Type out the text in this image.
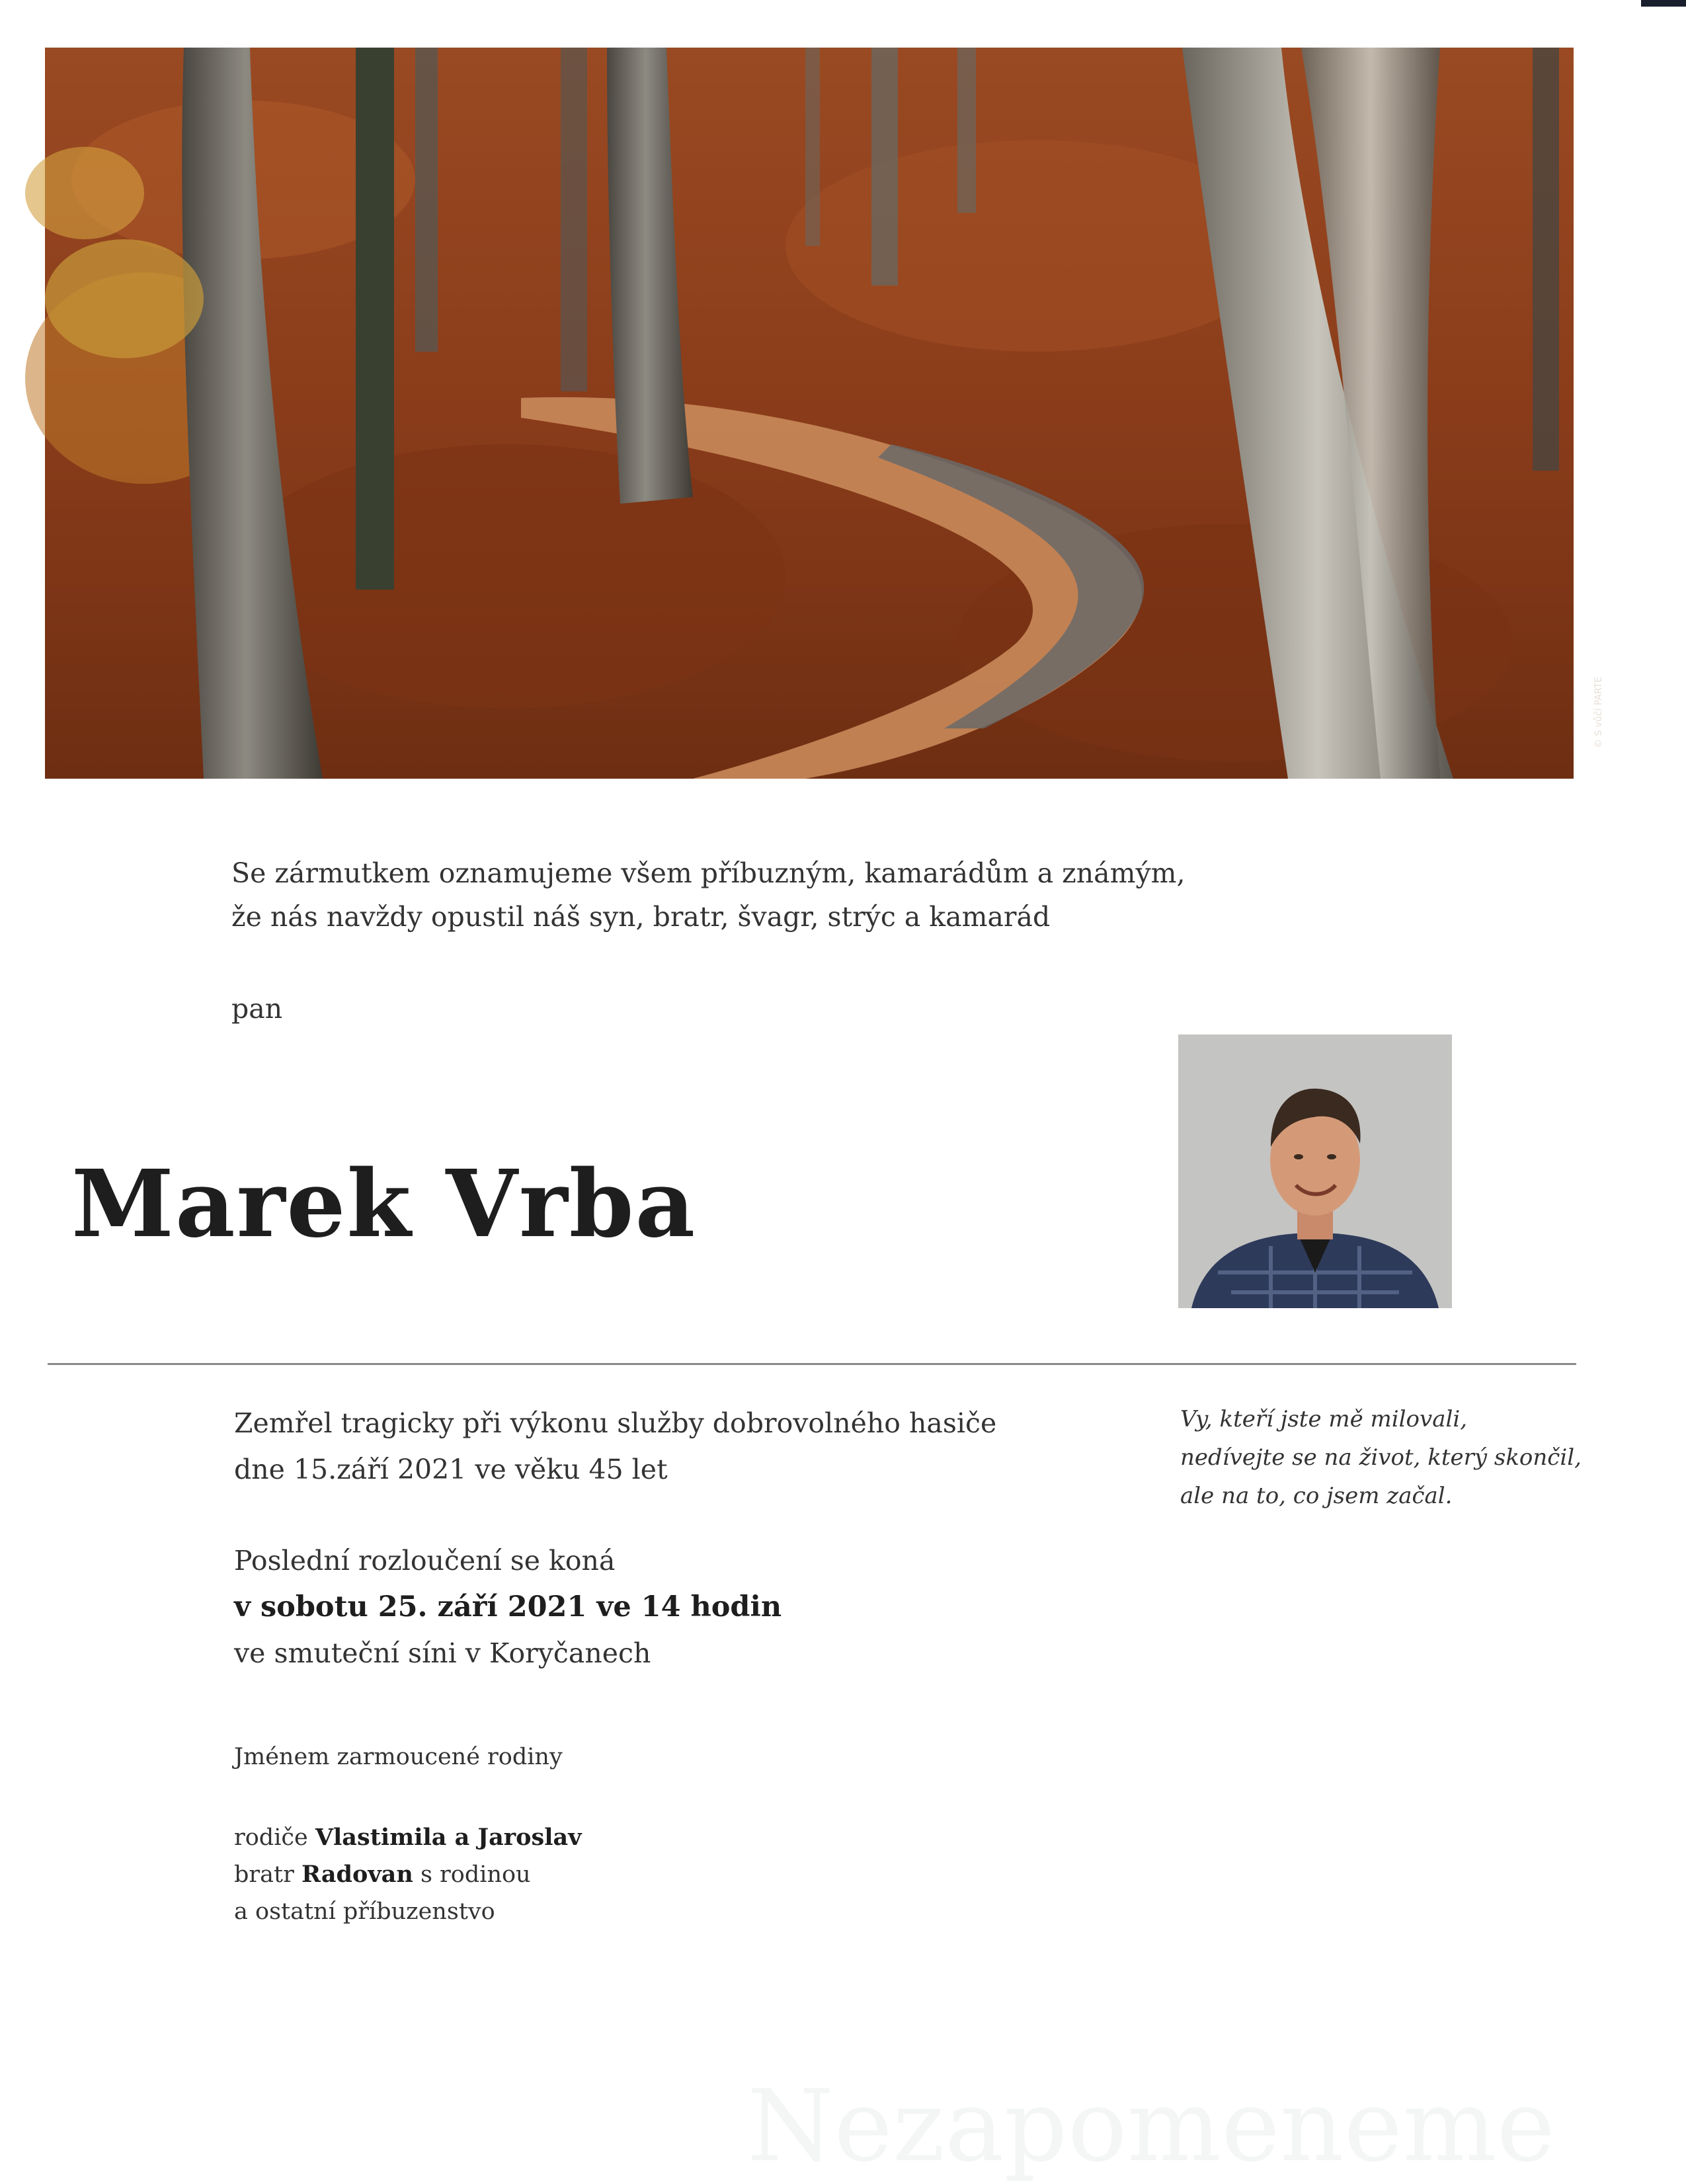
© S vůčí PARTE

Se zármutkem oznamujeme všem příbuzným, kamarádům a známým,

že nás navždy opustil náš syn, bratr, švagr, strýc a kamarád

pan
Marek Vrba

Zemřel tragicky při výkonu služby dobrovolného hasiče

dne 15.září 2021 ve věku 45 let

Poslední rozloučení se koná

v sobotu 25. září 2021 ve 14 hodin

ve smuteční síni v Koryčanech

Vy, kteří jste mě milovali,

nedívejte se na život, který skončil,

ale na to, co jsem začal.

Jménem zarmoucené rodiny

rodiče Vlastimila a Jaroslav

bratr Radovan s rodinou

a ostatní příbuzenstvo

Nezapomeneme
